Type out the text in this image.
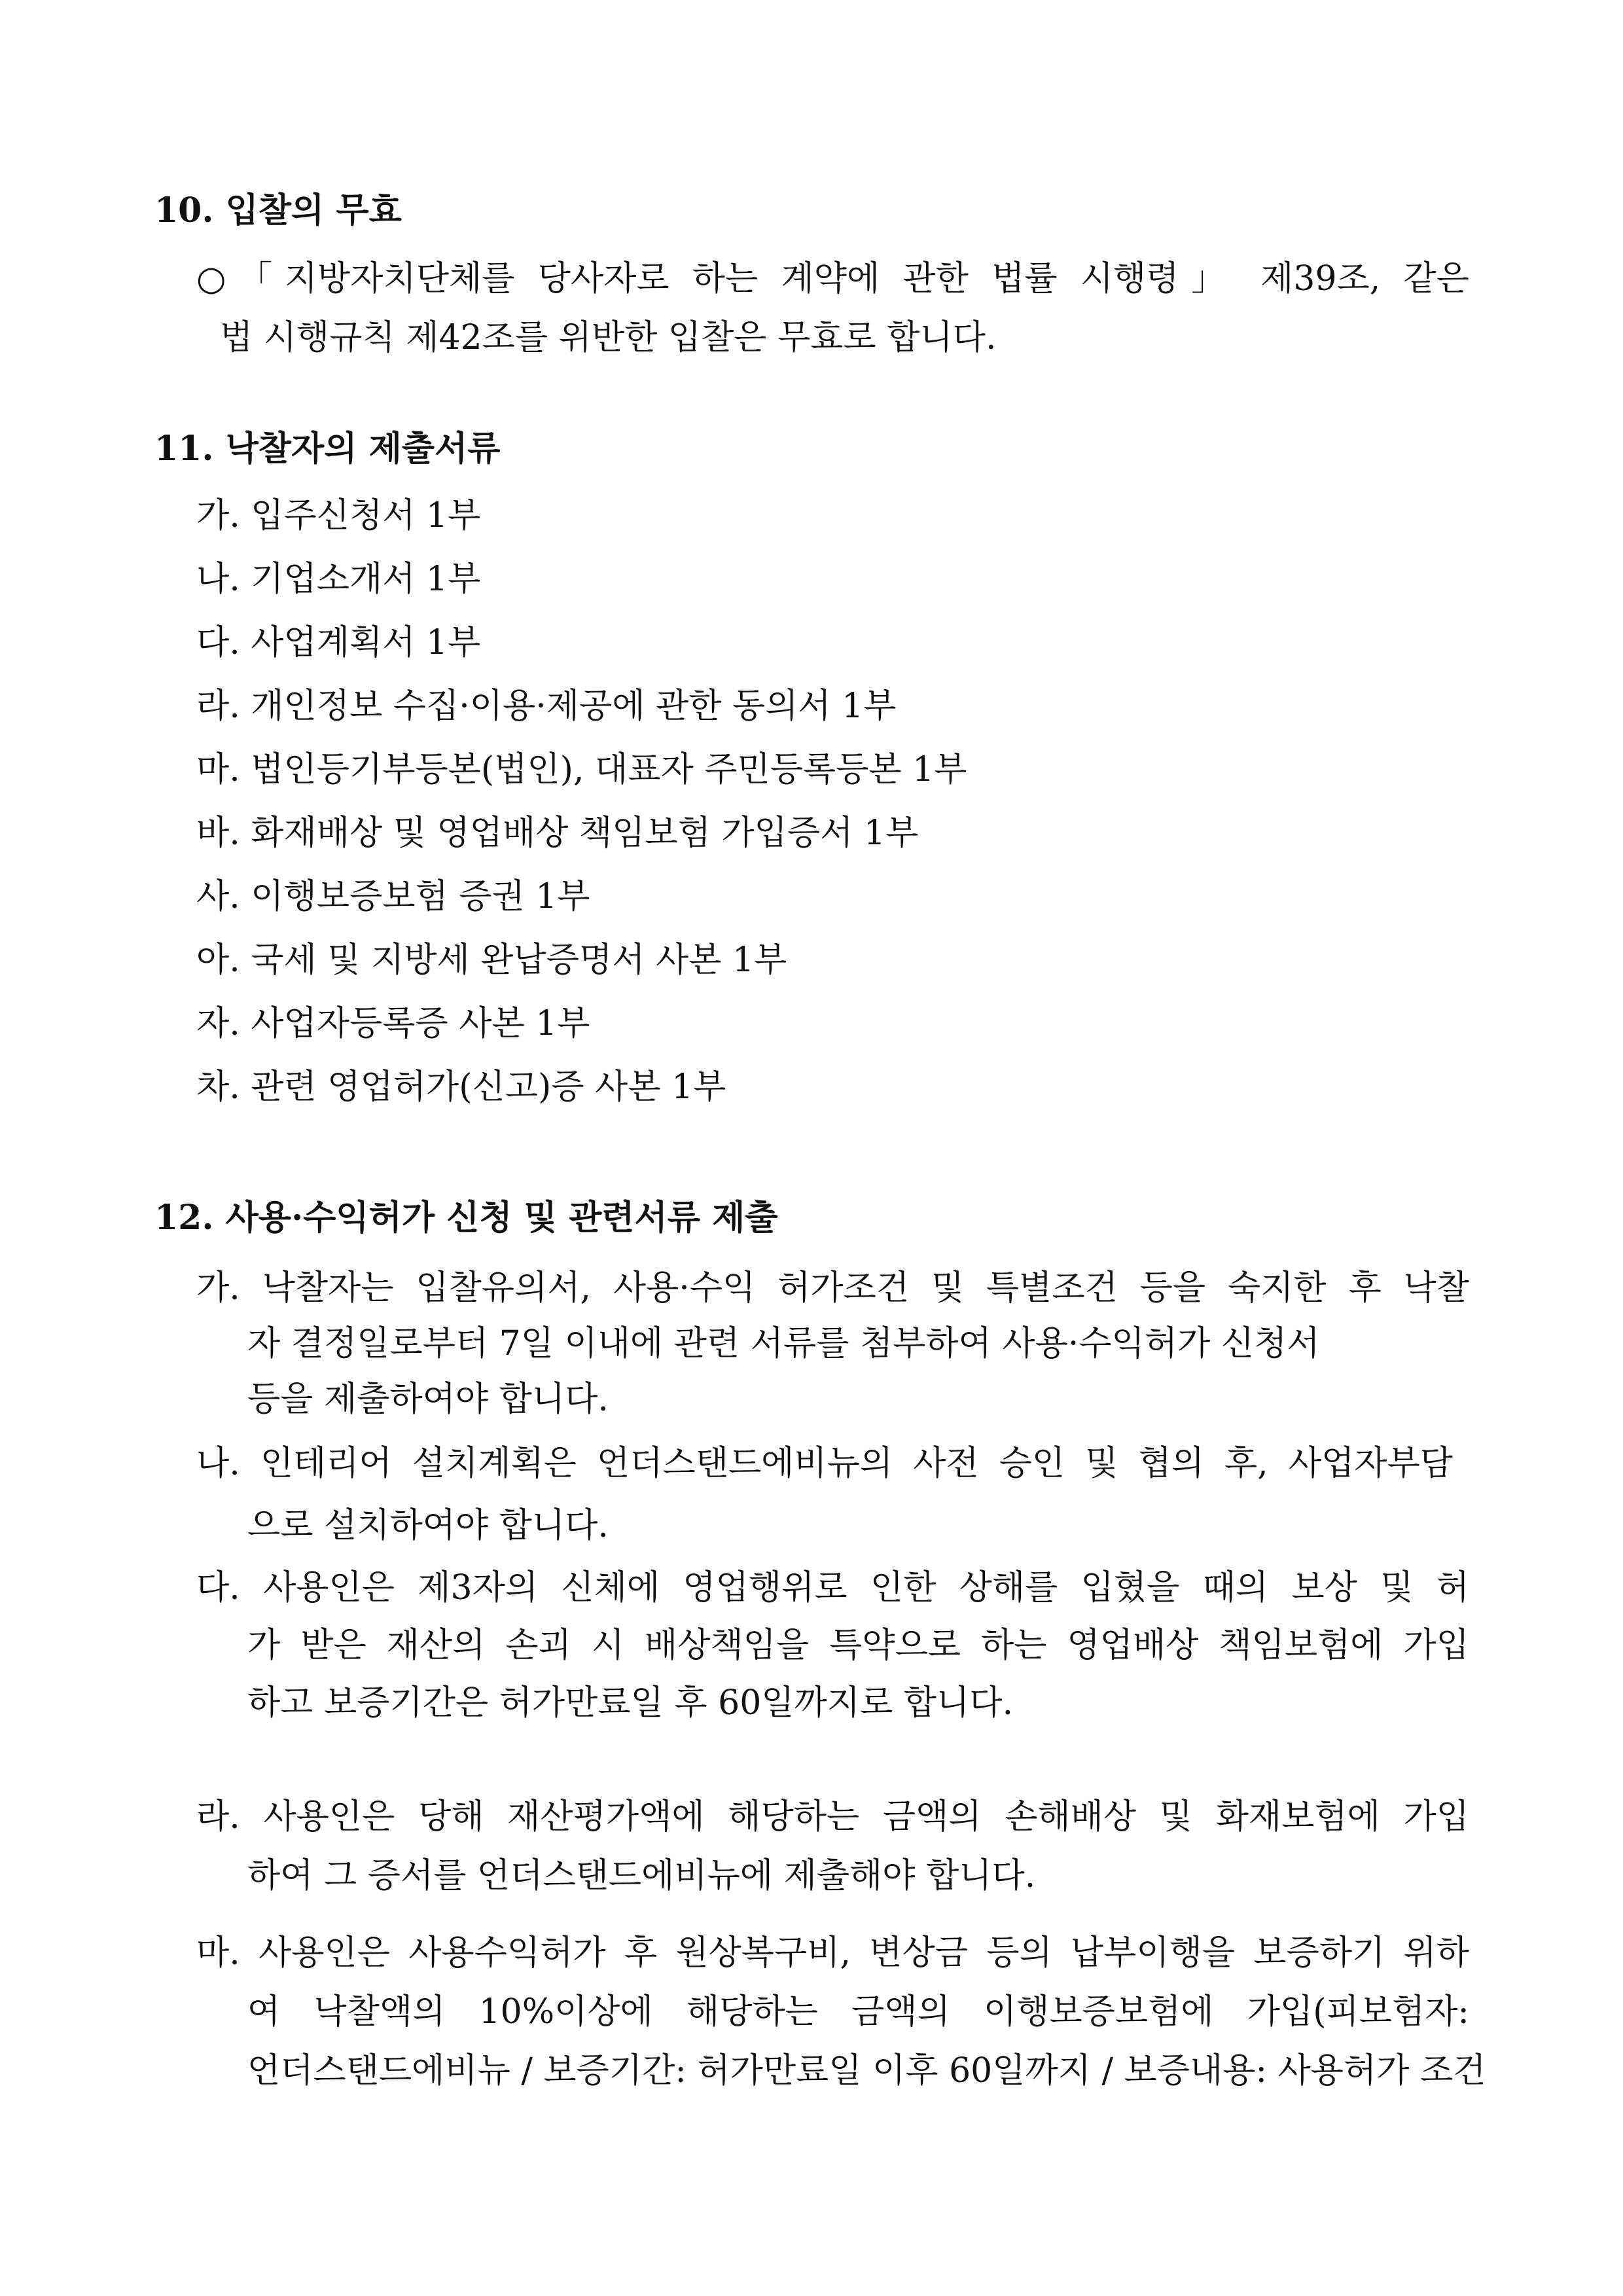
10. 입찰의 무효

○「지방자치단체를 당사자로 하는 계약에 관한 법률 시행령」 제39조, 같은

법 시행규칙 제42조를 위반한 입찰은 무효로 합니다.

11. 낙찰자의 제출서류

가. 입주신청서 1부

나. 기업소개서 1부

다. 사업계획서 1부

라. 개인정보 수집·이용·제공에 관한 동의서 1부

마. 법인등기부등본(법인), 대표자 주민등록등본 1부

바. 화재배상 및 영업배상 책임보험 가입증서 1부

사. 이행보증보험 증권 1부

아. 국세 및 지방세 완납증명서 사본 1부

자. 사업자등록증 사본 1부

차. 관련 영업허가(신고)증 사본 1부

12. 사용·수익허가 신청 및 관련서류 제출

가. 낙찰자는 입찰유의서, 사용·수익 허가조건 및 특별조건 등을 숙지한 후 낙찰

자 결정일로부터 7일 이내에 관련 서류를 첨부하여 사용·수익허가 신청서

등을 제출하여야 합니다.

나. 인테리어 설치계획은 언더스탠드에비뉴의 사전 승인 및 협의 후, 사업자부담

으로 설치하여야 합니다.

다. 사용인은 제3자의 신체에 영업행위로 인한 상해를 입혔을 때의 보상 및 허

가 받은 재산의 손괴 시 배상책임을 특약으로 하는 영업배상 책임보험에 가입

하고 보증기간은 허가만료일 후 60일까지로 합니다.

라. 사용인은 당해 재산평가액에 해당하는 금액의 손해배상 및 화재보험에 가입

하여 그 증서를 언더스탠드에비뉴에 제출해야 합니다.

마. 사용인은 사용수익허가 후 원상복구비, 변상금 등의 납부이행을 보증하기 위하

여 낙찰액의 10%이상에 해당하는 금액의 이행보증보험에 가입(피보험자:

언더스탠드에비뉴 / 보증기간: 허가만료일 이후 60일까지 / 보증내용: 사용허가 조건
